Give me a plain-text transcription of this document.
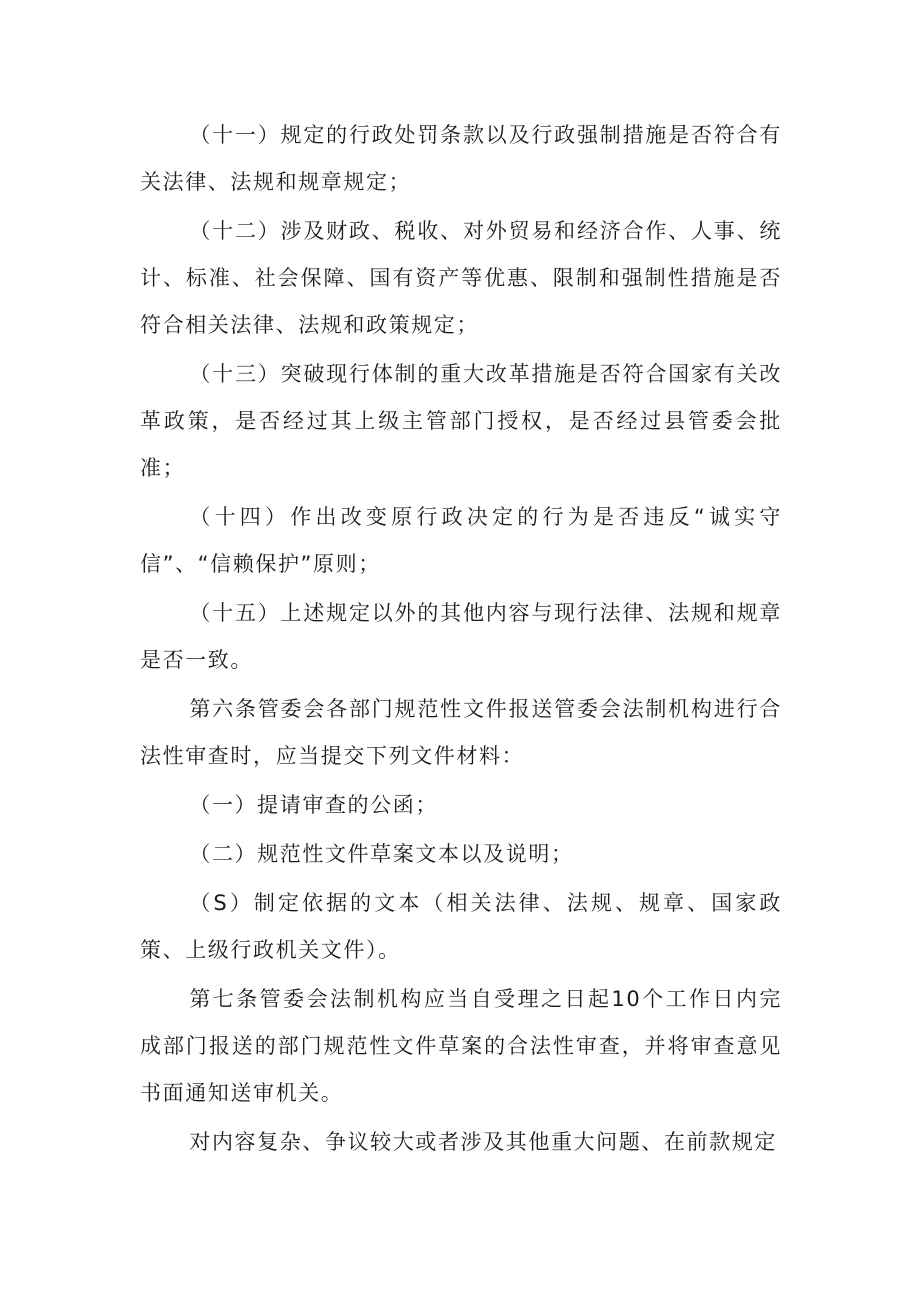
（十一）规定的行政处罚条款以及行政强制措施是否符合有关法律、法规和规章规定；

（十二）涉及财政、税收、对外贸易和经济合作、人事、统计、标准、社会保障、国有资产等优惠、限制和强制性措施是否符合相关法律、法规和政策规定；

（十三）突破现行体制的重大改革措施是否符合国家有关改革政策，是否经过其上级主管部门授权，是否经过县管委会批准；

（十四）作出改变原行政决定的行为是否违反“诚实守信”、“信赖保护”原则；

（十五）上述规定以外的其他内容与现行法律、法规和规章是否一致。

第六条管委会各部门规范性文件报送管委会法制机构进行合法性审查时，应当提交下列文件材料：

（一）提请审查的公函；

（二）规范性文件草案文本以及说明；

（S）制定依据的文本（相关法律、法规、规章、国家政策、上级行政机关文件）。

第七条管委会法制机构应当自受理之日起10个工作日内完成部门报送的部门规范性文件草案的合法性审查，并将审查意见书面通知送审机关。

对内容复杂、争议较大或者涉及其他重大问题、在前款规定
